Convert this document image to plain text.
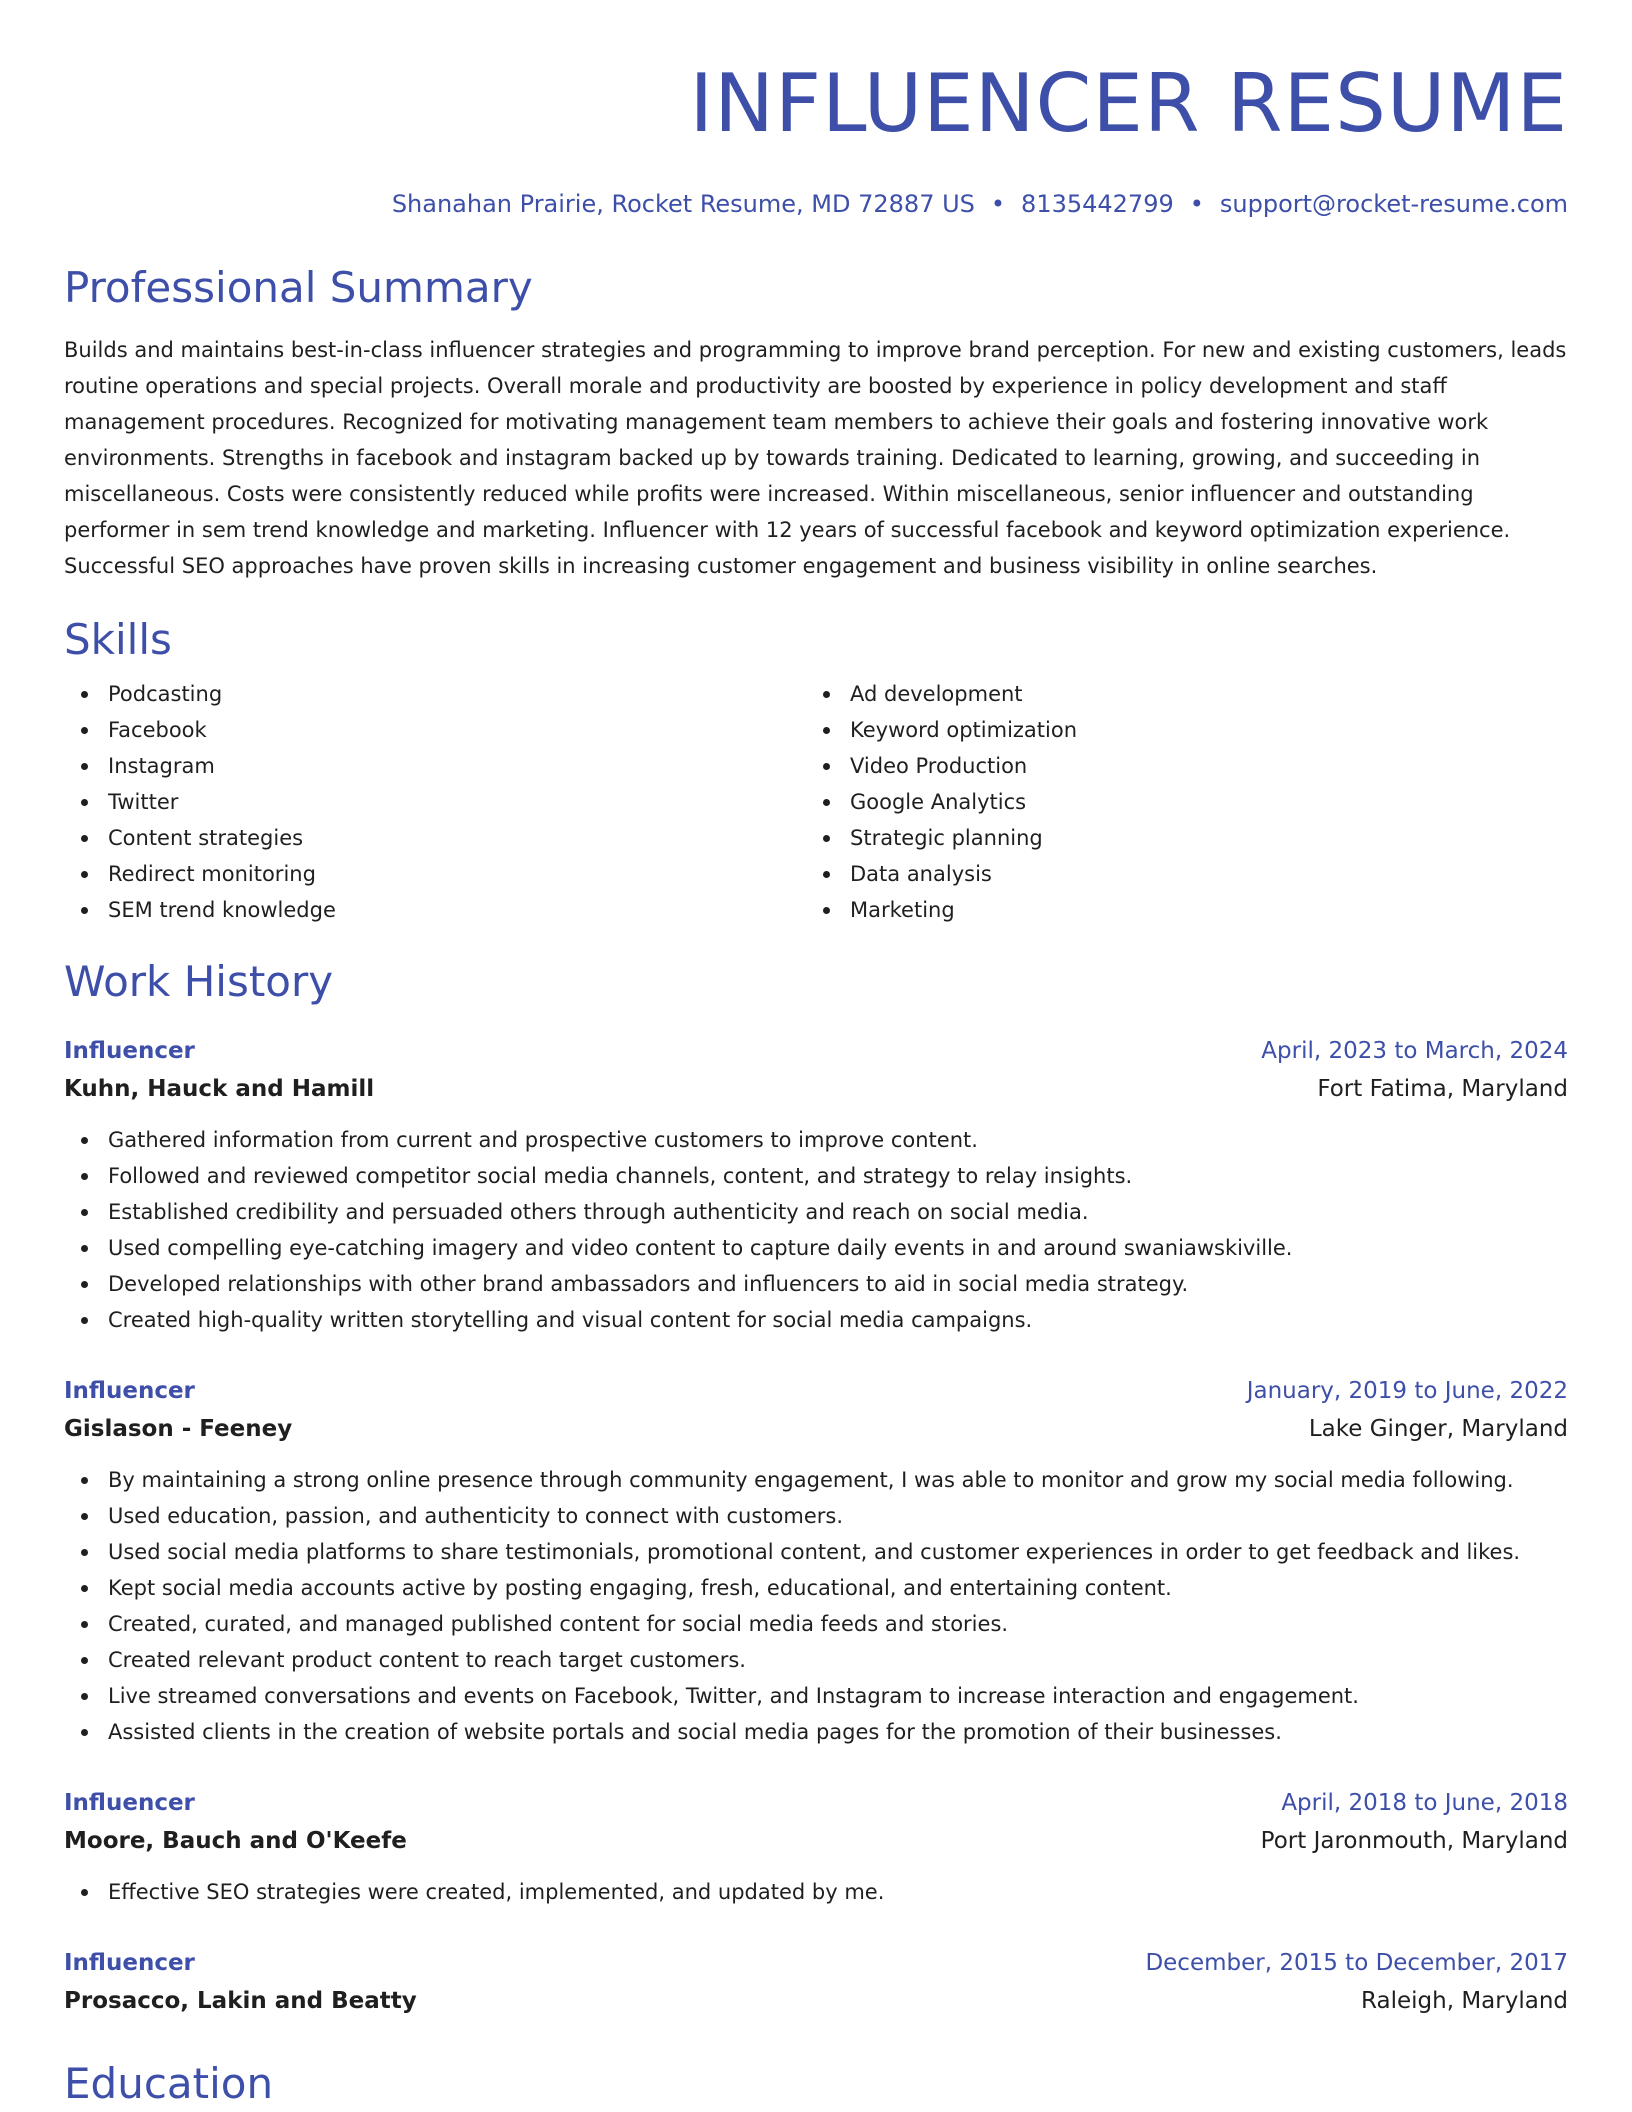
INFLUENCER RESUME
Shanahan Prairie, Rocket Resume, MD 72887 US • 8135442799 • support@rocket-resume.com
Professional Summary
Builds and maintains best-in-class influencer strategies and programming to improve brand perception. For new and existing customers, leads routine operations and special projects. Overall morale and productivity are boosted by experience in policy development and staff management procedures. Recognized for motivating management team members to achieve their goals and fostering innovative work environments. Strengths in facebook and instagram backed up by towards training. Dedicated to learning, growing, and succeeding in miscellaneous. Costs were consistently reduced while profits were increased. Within miscellaneous, senior influencer and outstanding performer in sem trend knowledge and marketing. Influencer with 12 years of successful facebook and keyword optimization experience. Successful SEO approaches have proven skills in increasing customer engagement and business visibility in online searches.
Skills
Podcasting
Facebook
Instagram
Twitter
Content strategies
Redirect monitoring
SEM trend knowledge
Ad development
Keyword optimization
Video Production
Google Analytics
Strategic planning
Data analysis
Marketing
Work History
Influencer	April, 2023 to March, 2024
Kuhn, Hauck and Hamill	Fort Fatima, Maryland
Gathered information from current and prospective customers to improve content.
Followed and reviewed competitor social media channels, content, and strategy to relay insights.
Established credibility and persuaded others through authenticity and reach on social media.
Used compelling eye-catching imagery and video content to capture daily events in and around swaniawskiville.
Developed relationships with other brand ambassadors and influencers to aid in social media strategy.
Created high-quality written storytelling and visual content for social media campaigns.
Influencer	January, 2019 to June, 2022
Gislason - Feeney	Lake Ginger, Maryland
By maintaining a strong online presence through community engagement, I was able to monitor and grow my social media following.
Used education, passion, and authenticity to connect with customers.
Used social media platforms to share testimonials, promotional content, and customer experiences in order to get feedback and likes.
Kept social media accounts active by posting engaging, fresh, educational, and entertaining content.
Created, curated, and managed published content for social media feeds and stories.
Created relevant product content to reach target customers.
Live streamed conversations and events on Facebook, Twitter, and Instagram to increase interaction and engagement.
Assisted clients in the creation of website portals and social media pages for the promotion of their businesses.
Influencer	April, 2018 to June, 2018
Moore, Bauch and O'Keefe	Port Jaronmouth, Maryland
Effective SEO strategies were created, implemented, and updated by me.
Influencer	December, 2015 to December, 2017
Prosacco, Lakin and Beatty	Raleigh, Maryland
Education
